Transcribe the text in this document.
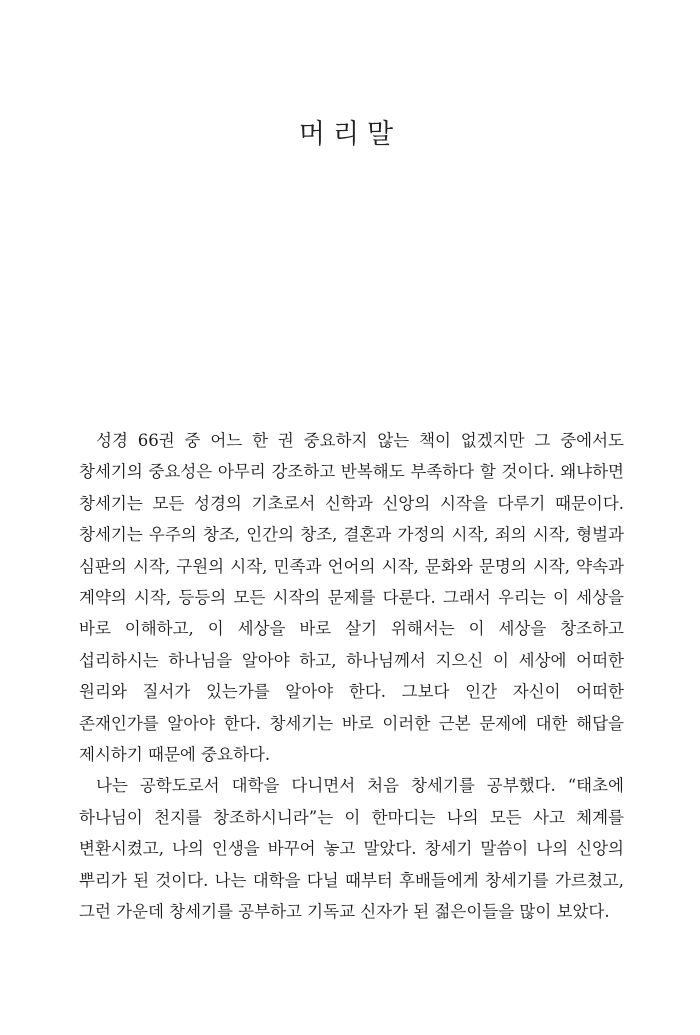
머리말

성경 66권 중 어느 한 권 중요하지 않는 책이 없겠지만 그 중에서도 창세기의 중요성은 아무리 강조하고 반복해도 부족하다 할 것이다. 왜냐하면 창세기는 모든 성경의 기초로서 신학과 신앙의 시작을 다루기 때문이다. 창세기는 우주의 창조, 인간의 창조, 결혼과 가정의 시작, 죄의 시작, 형벌과 심판의 시작, 구원의 시작, 민족과 언어의 시작, 문화와 문명의 시작, 약속과 계약의 시작, 등등의 모든 시작의 문제를 다룬다. 그래서 우리는 이 세상을 바로 이해하고, 이 세상을 바로 살기 위해서는 이 세상을 창조하고 섭리하시는 하나님을 알아야 하고, 하나님께서 지으신 이 세상에 어떠한 원리와 질서가 있는가를 알아야 한다. 그보다 인간 자신이 어떠한 존재인가를 알아야 한다. 창세기는 바로 이러한 근본 문제에 대한 해답을 제시하기 때문에 중요하다.

나는 공학도로서 대학을 다니면서 처음 창세기를 공부했다. “태초에 하나님이 천지를 창조하시니라”는 이 한마디는 나의 모든 사고 체계를 변환시켰고, 나의 인생을 바꾸어 놓고 말았다. 창세기 말씀이 나의 신앙의 뿌리가 된 것이다. 나는 대학을 다닐 때부터 후배들에게 창세기를 가르쳤고, 그런 가운데 창세기를 공부하고 기독교 신자가 된 젊은이들을 많이 보았다.
